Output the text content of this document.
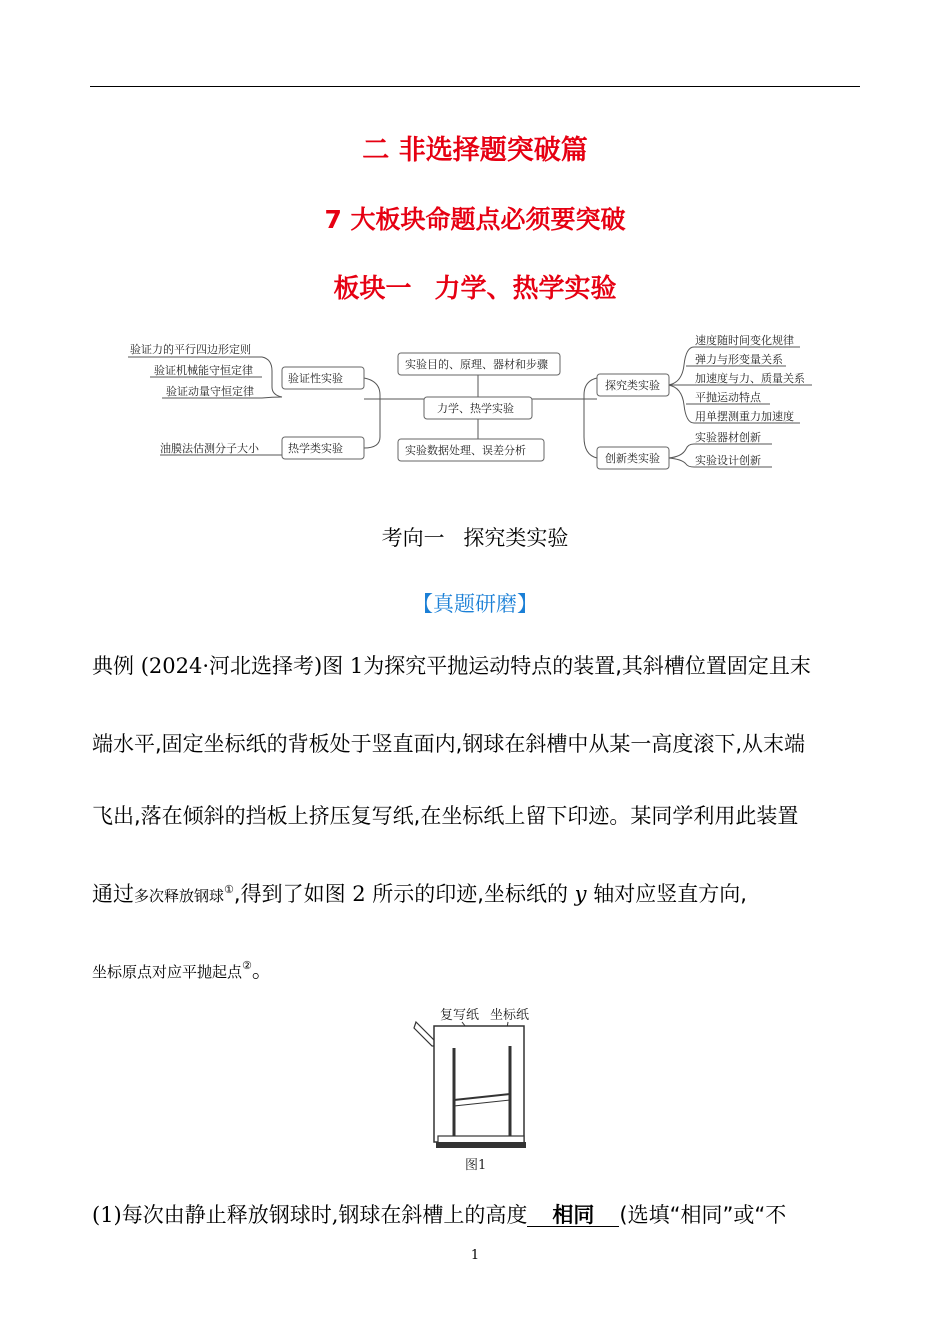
二 非选择题突破篇
7 大板块命题点必须要突破
板块一 力学、热学实验
验证力的平行四边形定则
验证机械能守恒定律
验证动量守恒定律
油膜法估测分子大小
验证性实验
热学类实验
实验目的、原理、器材和步骤
力学、热学实验
实验数据处理、误差分析
探究类实验
创新类实验
速度随时间变化规律
弹力与形变量关系
加速度与力、质量关系
平抛运动特点
用单摆测重力加速度
实验器材创新
实验设计创新
考向一 探究类实验
【真题研磨】

典例 (2024·河北选择考)图 1为探究平抛运动特点的装置,其斜槽位置固定且末

端水平,固定坐标纸的背板处于竖直面内,钢球在斜槽中从某一高度滚下,从末端

飞出,落在倾斜的挡板上挤压复写纸,在坐标纸上留下印迹。某同学利用此装置

通过多次释放钢球①,得到了如图 2 所示的印迹,坐标纸的 y 轴对应竖直方向,

坐标原点对应平抛起点②。

复写纸 坐标纸
图1

(1)每次由静止释放钢球时,钢球在斜槽上的高度 相同 (选填“相同”或“不

1
